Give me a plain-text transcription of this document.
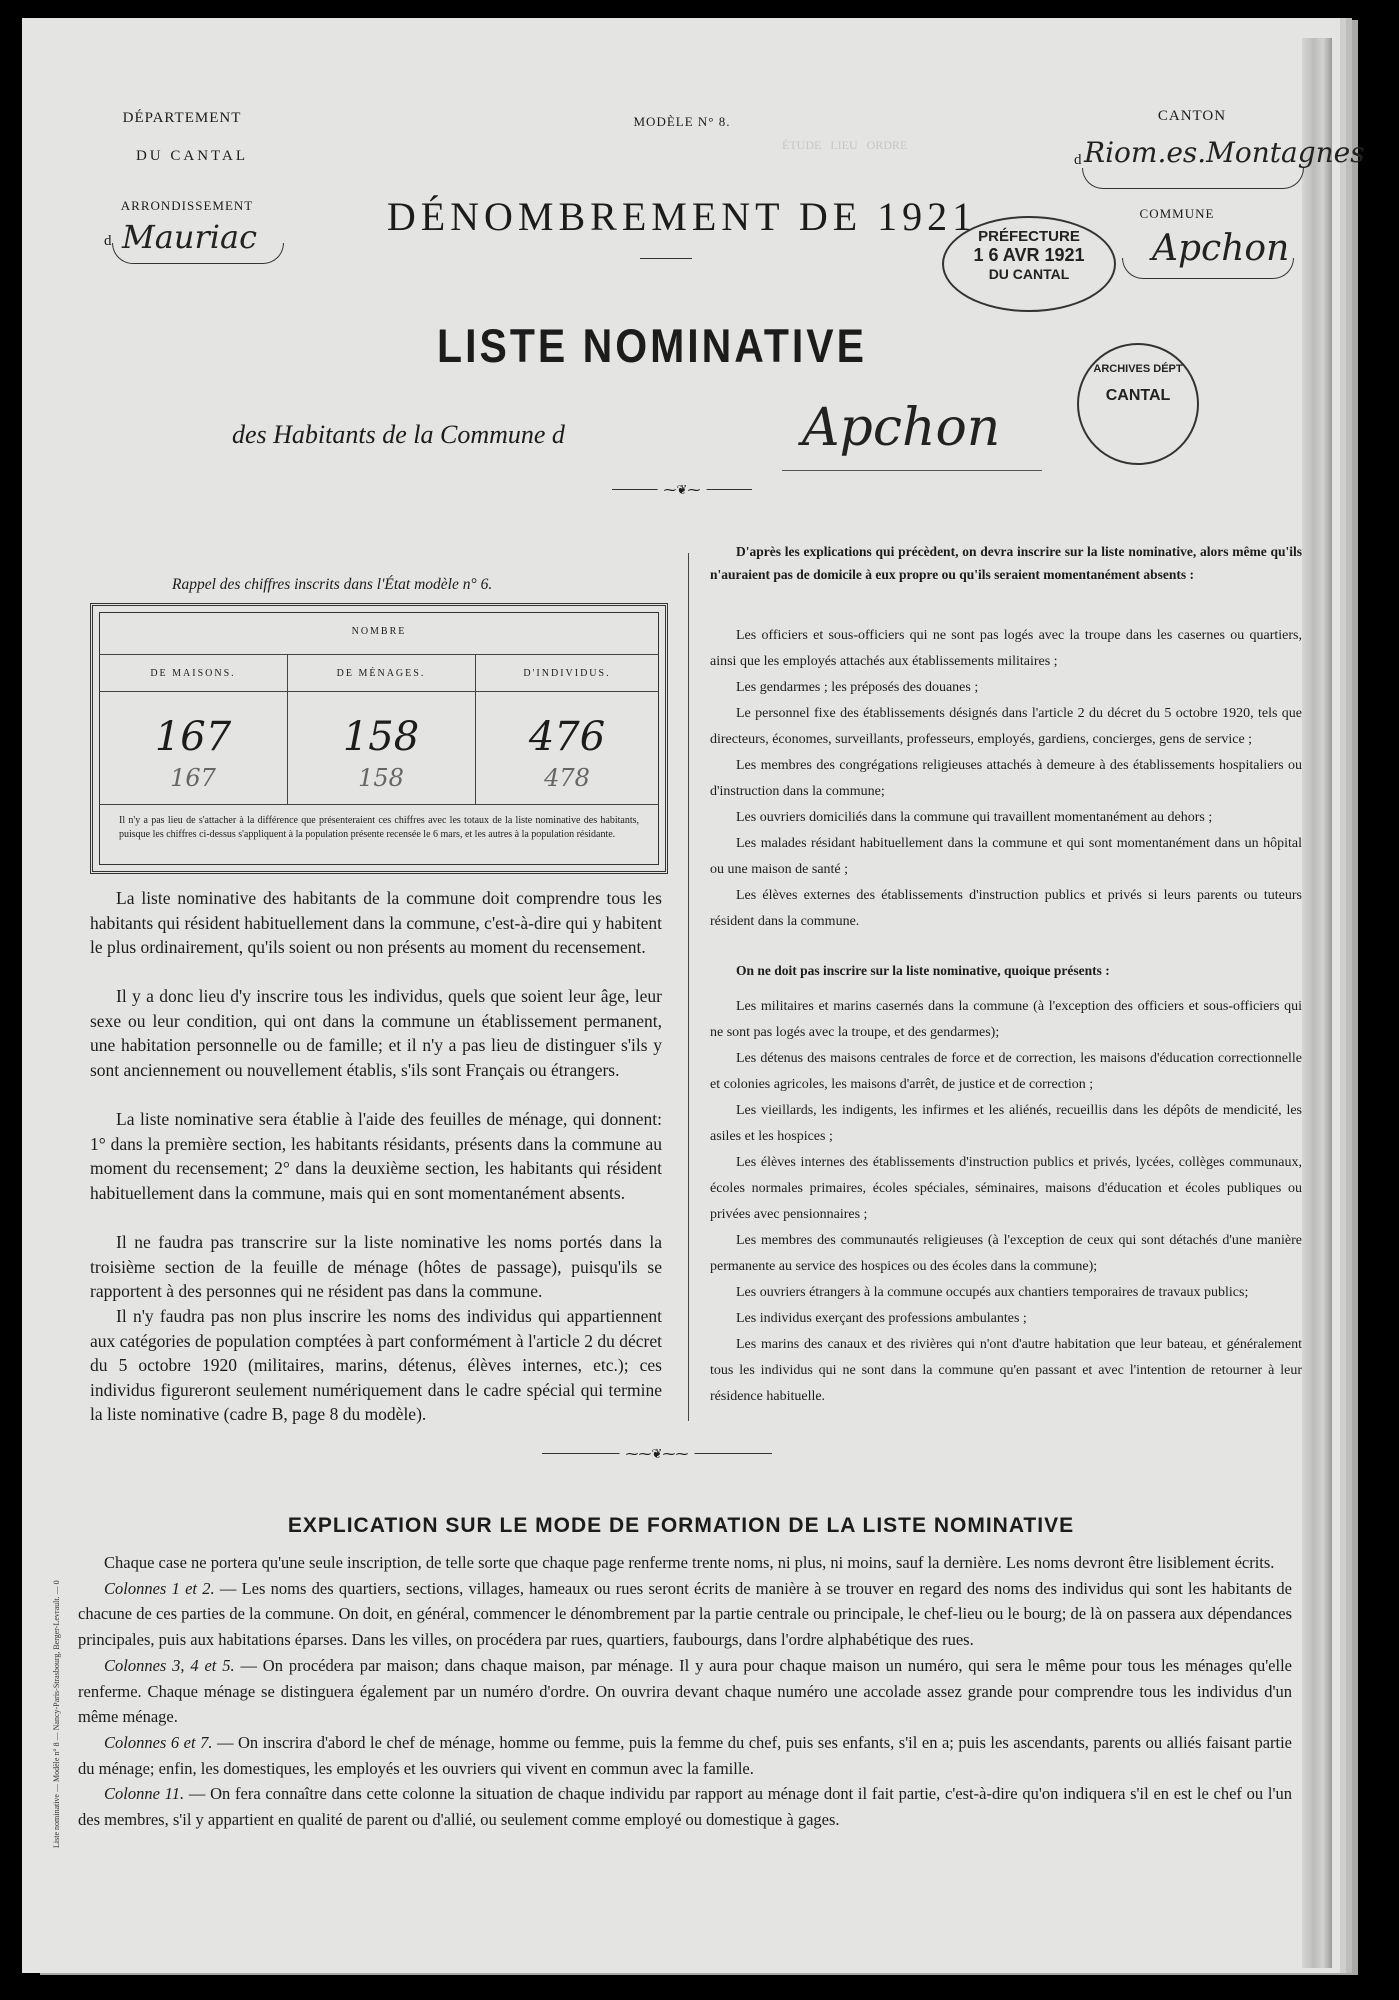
ÉTUDE   LIEU   ORDRE
DÉPARTEMENT
DU CANTAL
ARRONDISSEMENT
d Mauriac
MODÈLE N° 8.
DÉNOMBREMENT DE 1921
CANTON
d Riom.es.Montagnes
COMMUNE
Apchon
PRÉFECTURE
1 6 AVR 1921
DU CANTAL
LISTE NOMINATIVE
des Habitants de la Commune d	Apchon
ARCHIVES DÉPT
CANTAL
⁓❦⁓
Rappel des chiffres inscrits dans l'État modèle n° 6.
NOMBRE
DE MAISONS.	DE MÉNAGES.	D'INDIVIDUS.
167	158	476
167	158	478
Il n'y a pas lieu de s'attacher à la différence que présenteraient ces chiffres avec les totaux de la liste nominative des habitants, puisque les chiffres ci-dessus s'appliquent à la population présente recensée le 6 mars, et les autres à la population résidante.
La liste nominative des habitants de la commune doit comprendre tous les habitants qui résident habituellement dans la commune, c'est-à-dire qui y habitent le plus ordinairement, qu'ils soient ou non présents au moment du recensement.
Il y a donc lieu d'y inscrire tous les individus, quels que soient leur âge, leur sexe ou leur condition, qui ont dans la commune un établissement permanent, une habitation personnelle ou de famille; et il n'y a pas lieu de distinguer s'ils y sont anciennement ou nouvellement établis, s'ils sont Français ou étrangers.
La liste nominative sera établie à l'aide des feuilles de ménage, qui donnent: 1° dans la première section, les habitants résidants, présents dans la commune au moment du recensement; 2° dans la deuxième section, les habitants qui résident habituellement dans la commune, mais qui en sont momentanément absents.
Il ne faudra pas transcrire sur la liste nominative les noms portés dans la troisième section de la feuille de ménage (hôtes de passage), puisqu'ils se rapportent à des personnes qui ne résident pas dans la commune.
Il n'y faudra pas non plus inscrire les noms des individus qui appartiennent aux catégories de population comptées à part conformément à l'article 2 du décret du 5 octobre 1920 (militaires, marins, détenus, élèves internes, etc.); ces individus figureront seulement numériquement dans le cadre spécial qui termine la liste nominative (cadre B, page 8 du modèle).
D'après les explications qui précèdent, on devra inscrire sur la liste nominative, alors même qu'ils n'auraient pas de domicile à eux propre ou qu'ils seraient momentanément absents :
Les officiers et sous-officiers qui ne sont pas logés avec la troupe dans les casernes ou quartiers, ainsi que les employés attachés aux établissements militaires ;
Les gendarmes ; les préposés des douanes ;
Le personnel fixe des établissements désignés dans l'article 2 du décret du 5 octobre 1920, tels que directeurs, économes, surveillants, professeurs, employés, gardiens, concierges, gens de service ;
Les membres des congrégations religieuses attachés à demeure à des établissements hospitaliers ou d'instruction dans la commune;
Les ouvriers domiciliés dans la commune qui travaillent momentanément au dehors ;
Les malades résidant habituellement dans la commune et qui sont momentanément dans un hôpital ou une maison de santé ;
Les élèves externes des établissements d'instruction publics et privés si leurs parents ou tuteurs résident dans la commune.
On ne doit pas inscrire sur la liste nominative, quoique présents :
Les militaires et marins casernés dans la commune (à l'exception des officiers et sous-officiers qui ne sont pas logés avec la troupe, et des gendarmes);
Les détenus des maisons centrales de force et de correction, les maisons d'éducation correctionnelle et colonies agricoles, les maisons d'arrêt, de justice et de correction ;
Les vieillards, les indigents, les infirmes et les aliénés, recueillis dans les dépôts de mendicité, les asiles et les hospices ;
Les élèves internes des établissements d'instruction publics et privés, lycées, collèges communaux, écoles normales primaires, écoles spéciales, séminaires, maisons d'éducation et écoles publiques ou privées avec pensionnaires ;
Les membres des communautés religieuses (à l'exception de ceux qui sont détachés d'une manière permanente au service des hospices ou des écoles dans la commune);
Les ouvriers étrangers à la commune occupés aux chantiers temporaires de travaux publics;
Les individus exerçant des professions ambulantes ;
Les marins des canaux et des rivières qui n'ont d'autre habitation que leur bateau, et généralement tous les individus qui ne sont dans la commune qu'en passant et avec l'intention de retourner à leur résidence habituelle.
⁓⁓❦⁓⁓
EXPLICATION SUR LE MODE DE FORMATION DE LA LISTE NOMINATIVE
Chaque case ne portera qu'une seule inscription, de telle sorte que chaque page renferme trente noms, ni plus, ni moins, sauf la dernière. Les noms devront être lisiblement écrits.
Colonnes 1 et 2. — Les noms des quartiers, sections, villages, hameaux ou rues seront écrits de manière à se trouver en regard des noms des individus qui sont les habitants de chacune de ces parties de la commune. On doit, en général, commencer le dénombrement par la partie centrale ou principale, le chef-lieu ou le bourg; de là on passera aux dépendances principales, puis aux habitations éparses. Dans les villes, on procédera par rues, quartiers, faubourgs, dans l'ordre alphabétique des rues.
Colonnes 3, 4 et 5. — On procédera par maison; dans chaque maison, par ménage. Il y aura pour chaque maison un numéro, qui sera le même pour tous les ménages qu'elle renferme. Chaque ménage se distinguera également par un numéro d'ordre. On ouvrira devant chaque numéro une accolade assez grande pour comprendre tous les individus d'un même ménage.
Colonnes 6 et 7. — On inscrira d'abord le chef de ménage, homme ou femme, puis la femme du chef, puis ses enfants, s'il en a; puis les ascendants, parents ou alliés faisant partie du ménage; enfin, les domestiques, les employés et les ouvriers qui vivent en commun avec la famille.
Colonne 11. — On fera connaître dans cette colonne la situation de chaque individu par rapport au ménage dont il fait partie, c'est-à-dire qu'on indiquera s'il en est le chef ou l'un des membres, s'il y appartient en qualité de parent ou d'allié, ou seulement comme employé ou domestique à gages.
Liste nominative — Modèle n° 8 — Nancy-Paris-Strasbourg, Berger-Levrault. — 0
